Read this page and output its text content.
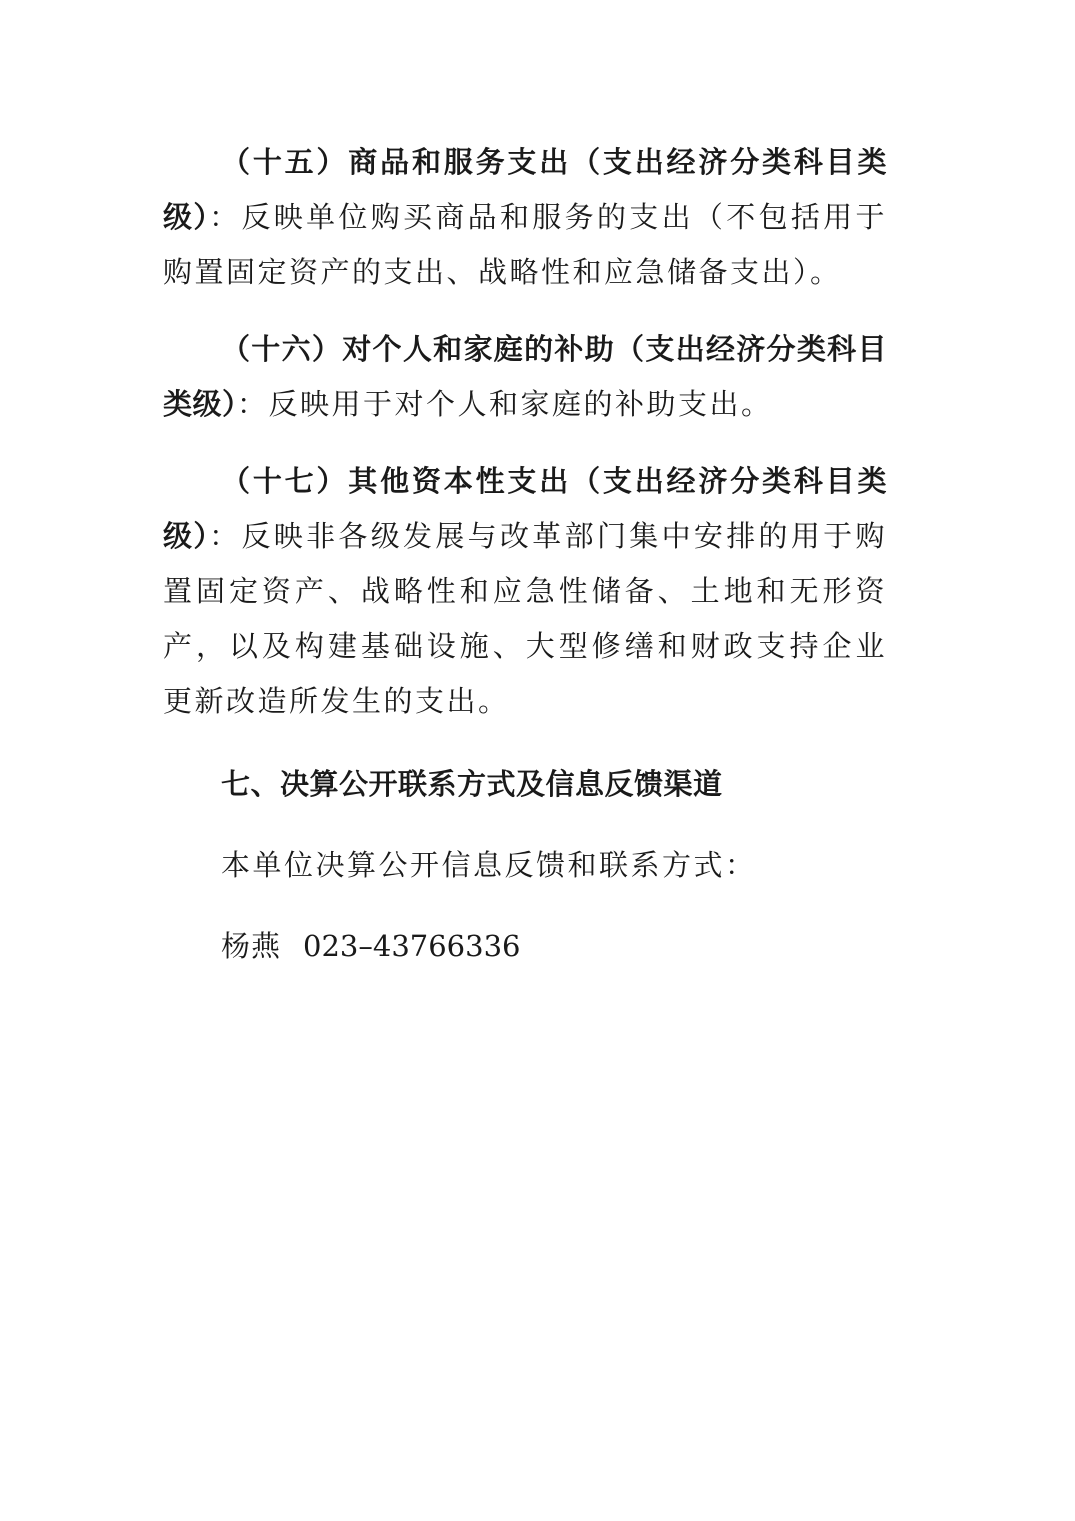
（十五）商品和服务支出（支出经济分类科目类级）：反映单位购买商品和服务的支出（不包括用于购置固定资产的支出、战略性和应急储备支出）。

（十六）对个人和家庭的补助（支出经济分类科目类级）：反映用于对个人和家庭的补助支出。

（十七）其他资本性支出（支出经济分类科目类级）：反映非各级发展与改革部门集中安排的用于购置固定资产、战略性和应急性储备、土地和无形资产，以及构建基础设施、大型修缮和财政支持企业更新改造所发生的支出。

七、决算公开联系方式及信息反馈渠道

本单位决算公开信息反馈和联系方式：

杨燕 023–43766336
